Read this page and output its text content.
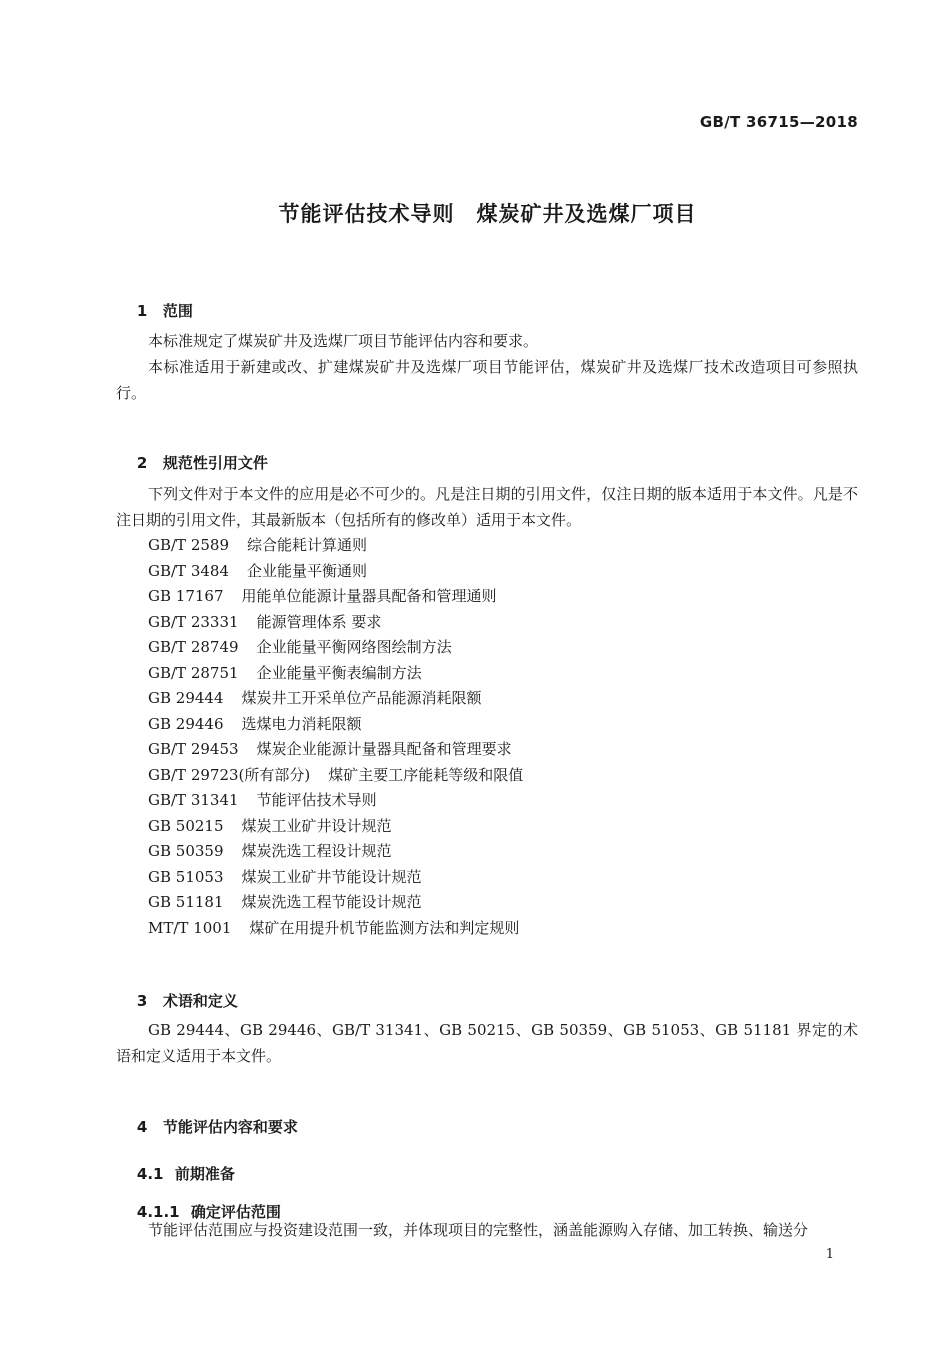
GB/T 36715—2018
节能评估技术导则　煤炭矿井及选煤厂项目

1 范围

本标准规定了煤炭矿井及选煤厂项目节能评估内容和要求。
本标准适用于新建或改、扩建煤炭矿井及选煤厂项目节能评估，煤炭矿井及选煤厂技术改造项目可参照执行。

2 规范性引用文件

下列文件对于本文件的应用是必不可少的。凡是注日期的引用文件，仅注日期的版本适用于本文件。凡是不注日期的引用文件，其最新版本（包括所有的修改单）适用于本文件。
GB/T 2589 综合能耗计算通则
GB/T 3484 企业能量平衡通则
GB 17167 用能单位能源计量器具配备和管理通则
GB/T 23331 能源管理体系 要求
GB/T 28749 企业能量平衡网络图绘制方法
GB/T 28751 企业能量平衡表编制方法
GB 29444 煤炭井工开采单位产品能源消耗限额
GB 29446 选煤电力消耗限额
GB/T 29453 煤炭企业能源计量器具配备和管理要求
GB/T 29723(所有部分) 煤矿主要工序能耗等级和限值
GB/T 31341 节能评估技术导则
GB 50215 煤炭工业矿井设计规范
GB 50359 煤炭洗选工程设计规范
GB 51053 煤炭工业矿井节能设计规范
GB 51181 煤炭洗选工程节能设计规范
MT/T 1001 煤矿在用提升机节能监测方法和判定规则

3 术语和定义

GB 29444、GB 29446、GB/T 31341、GB 50215、GB 50359、GB 51053、GB 51181 界定的术语和定义适用于本文件。

4 节能评估内容和要求

4.1 前期准备

4.1.1 确定评估范围

节能评估范围应与投资建设范围一致，并体现项目的完整性，涵盖能源购入存储、加工转换、输送分
1
